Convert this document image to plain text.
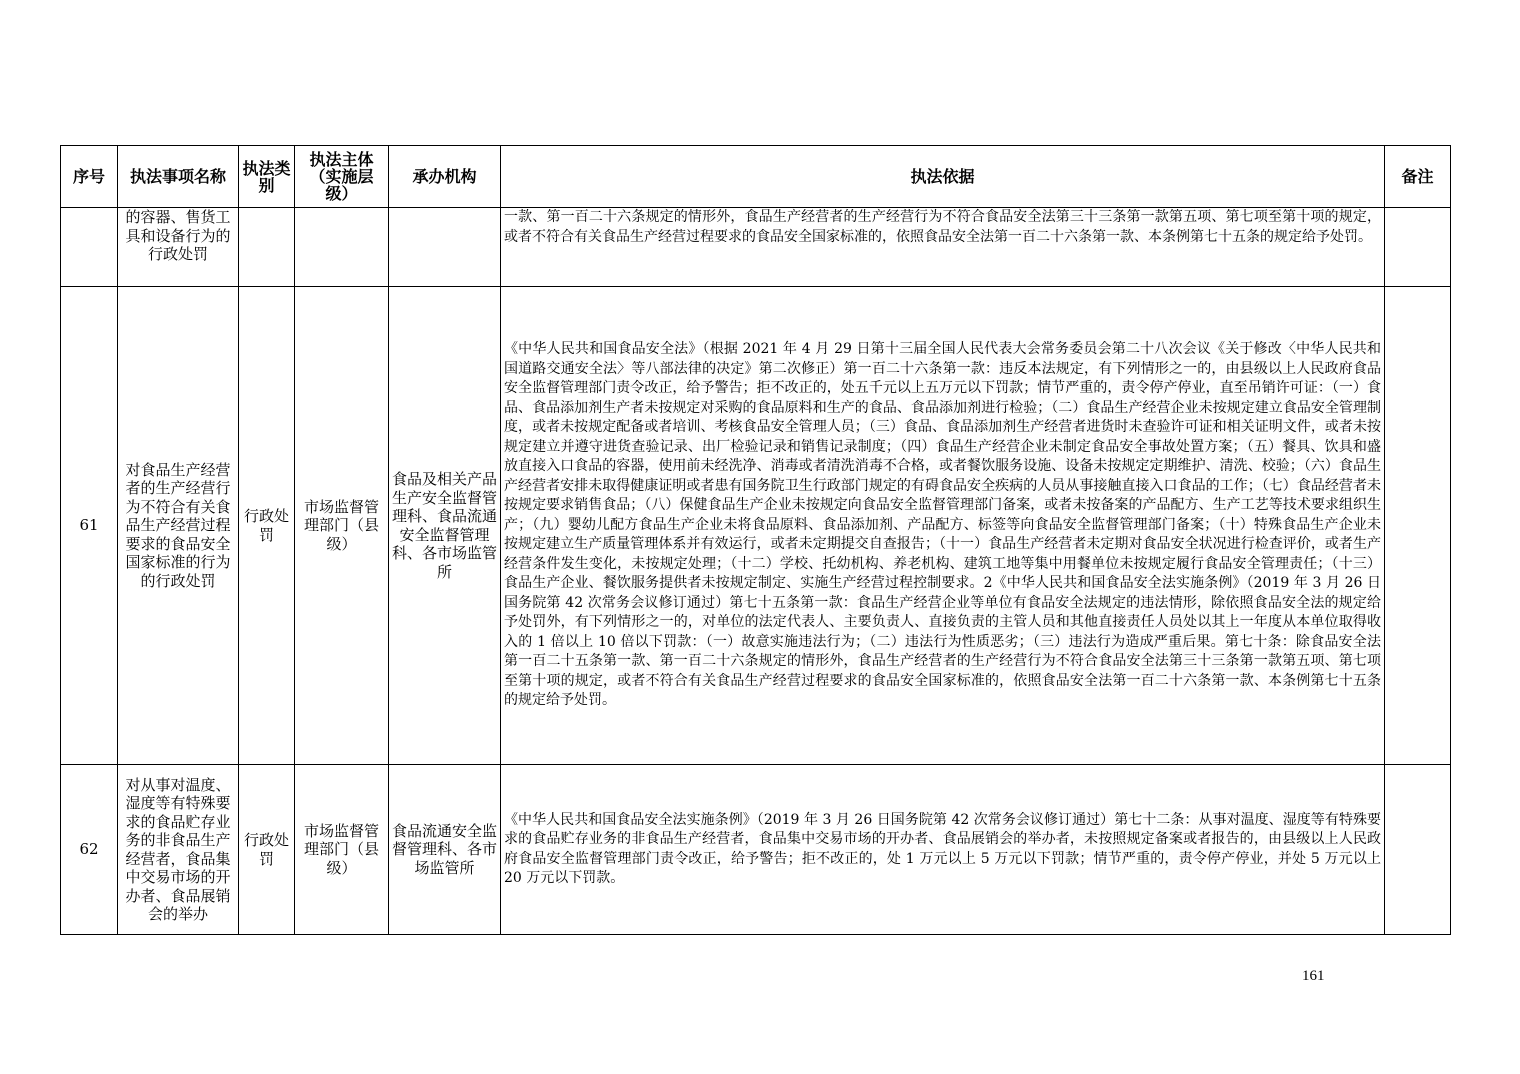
序号	执法事项名称	执法类别	执法主体（实施层级）	承办机构	执法依据	备注
	的容器、售货工具和设备行为的行政处罚				一款、第一百二十六条规定的情形外，食品生产经营者的生产经营行为不符合食品安全法第三十三条第一款第五项、第七项至第十项的规定，或者不符合有关食品生产经营过程要求的食品安全国家标准的，依照食品安全法第一百二十六条第一款、本条例第七十五条的规定给予处罚。	
61	对食品生产经营者的生产经营行为不符合有关食品生产经营过程要求的食品安全国家标准的行为的行政处罚	行政处罚	市场监督管理部门（县级）	食品及相关产品生产安全监督管理科、食品流通安全监督管理科、各市场监管所	《中华人民共和国食品安全法》（根据 2021 年 4 月 29 日第十三届全国人民代表大会常务委员会第二十八次会议《关于修改〈中华人民共和国道路交通安全法〉等八部法律的决定》第二次修正）第一百二十六条第一款：违反本法规定，有下列情形之一的，由县级以上人民政府食品安全监督管理部门责令改正，给予警告；拒不改正的，处五千元以上五万元以下罚款；情节严重的，责令停产停业，直至吊销许可证：（一）食品、食品添加剂生产者未按规定对采购的食品原料和生产的食品、食品添加剂进行检验；（二）食品生产经营企业未按规定建立食品安全管理制度，或者未按规定配备或者培训、考核食品安全管理人员；（三）食品、食品添加剂生产经营者进货时未查验许可证和相关证明文件，或者未按规定建立并遵守进货查验记录、出厂检验记录和销售记录制度；（四）食品生产经营企业未制定食品安全事故处置方案；（五）餐具、饮具和盛放直接入口食品的容器，使用前未经洗净、消毒或者清洗消毒不合格，或者餐饮服务设施、设备未按规定定期维护、清洗、校验；（六）食品生产经营者安排未取得健康证明或者患有国务院卫生行政部门规定的有碍食品安全疾病的人员从事接触直接入口食品的工作；（七）食品经营者未按规定要求销售食品；（八）保健食品生产企业未按规定向食品安全监督管理部门备案，或者未按备案的产品配方、生产工艺等技术要求组织生产；（九）婴幼儿配方食品生产企业未将食品原料、食品添加剂、产品配方、标签等向食品安全监督管理部门备案；（十）特殊食品生产企业未按规定建立生产质量管理体系并有效运行，或者未定期提交自查报告；（十一）食品生产经营者未定期对食品安全状况进行检查评价，或者生产经营条件发生变化，未按规定处理；（十二）学校、托幼机构、养老机构、建筑工地等集中用餐单位未按规定履行食品安全管理责任；（十三）食品生产企业、餐饮服务提供者未按规定制定、实施生产经营过程控制要求。2《中华人民共和国食品安全法实施条例》（2019 年 3 月 26 日国务院第 42 次常务会议修订通过）第七十五条第一款：食品生产经营企业等单位有食品安全法规定的违法情形，除依照食品安全法的规定给予处罚外，有下列情形之一的，对单位的法定代表人、主要负责人、直接负责的主管人员和其他直接责任人员处以其上一年度从本单位取得收入的 1 倍以上 10 倍以下罚款：（一）故意实施违法行为；（二）违法行为性质恶劣；（三）违法行为造成严重后果。第七十条：除食品安全法第一百二十五条第一款、第一百二十六条规定的情形外，食品生产经营者的生产经营行为不符合食品安全法第三十三条第一款第五项、第七项至第十项的规定，或者不符合有关食品生产经营过程要求的食品安全国家标准的，依照食品安全法第一百二十六条第一款、本条例第七十五条的规定给予处罚。	
62	对从事对温度、湿度等有特殊要求的食品贮存业务的非食品生产经营者，食品集中交易市场的开办者、食品展销会的举办	行政处罚	市场监督管理部门（县级）	食品流通安全监督管理科、各市场监管所	《中华人民共和国食品安全法实施条例》（2019 年 3 月 26 日国务院第 42 次常务会议修订通过）第七十二条：从事对温度、湿度等有特殊要求的食品贮存业务的非食品生产经营者，食品集中交易市场的开办者、食品展销会的举办者，未按照规定备案或者报告的，由县级以上人民政府食品安全监督管理部门责令改正，给予警告；拒不改正的，处 1 万元以上 5 万元以下罚款；情节严重的，责令停产停业，并处 5 万元以上 20 万元以下罚款。	
161
